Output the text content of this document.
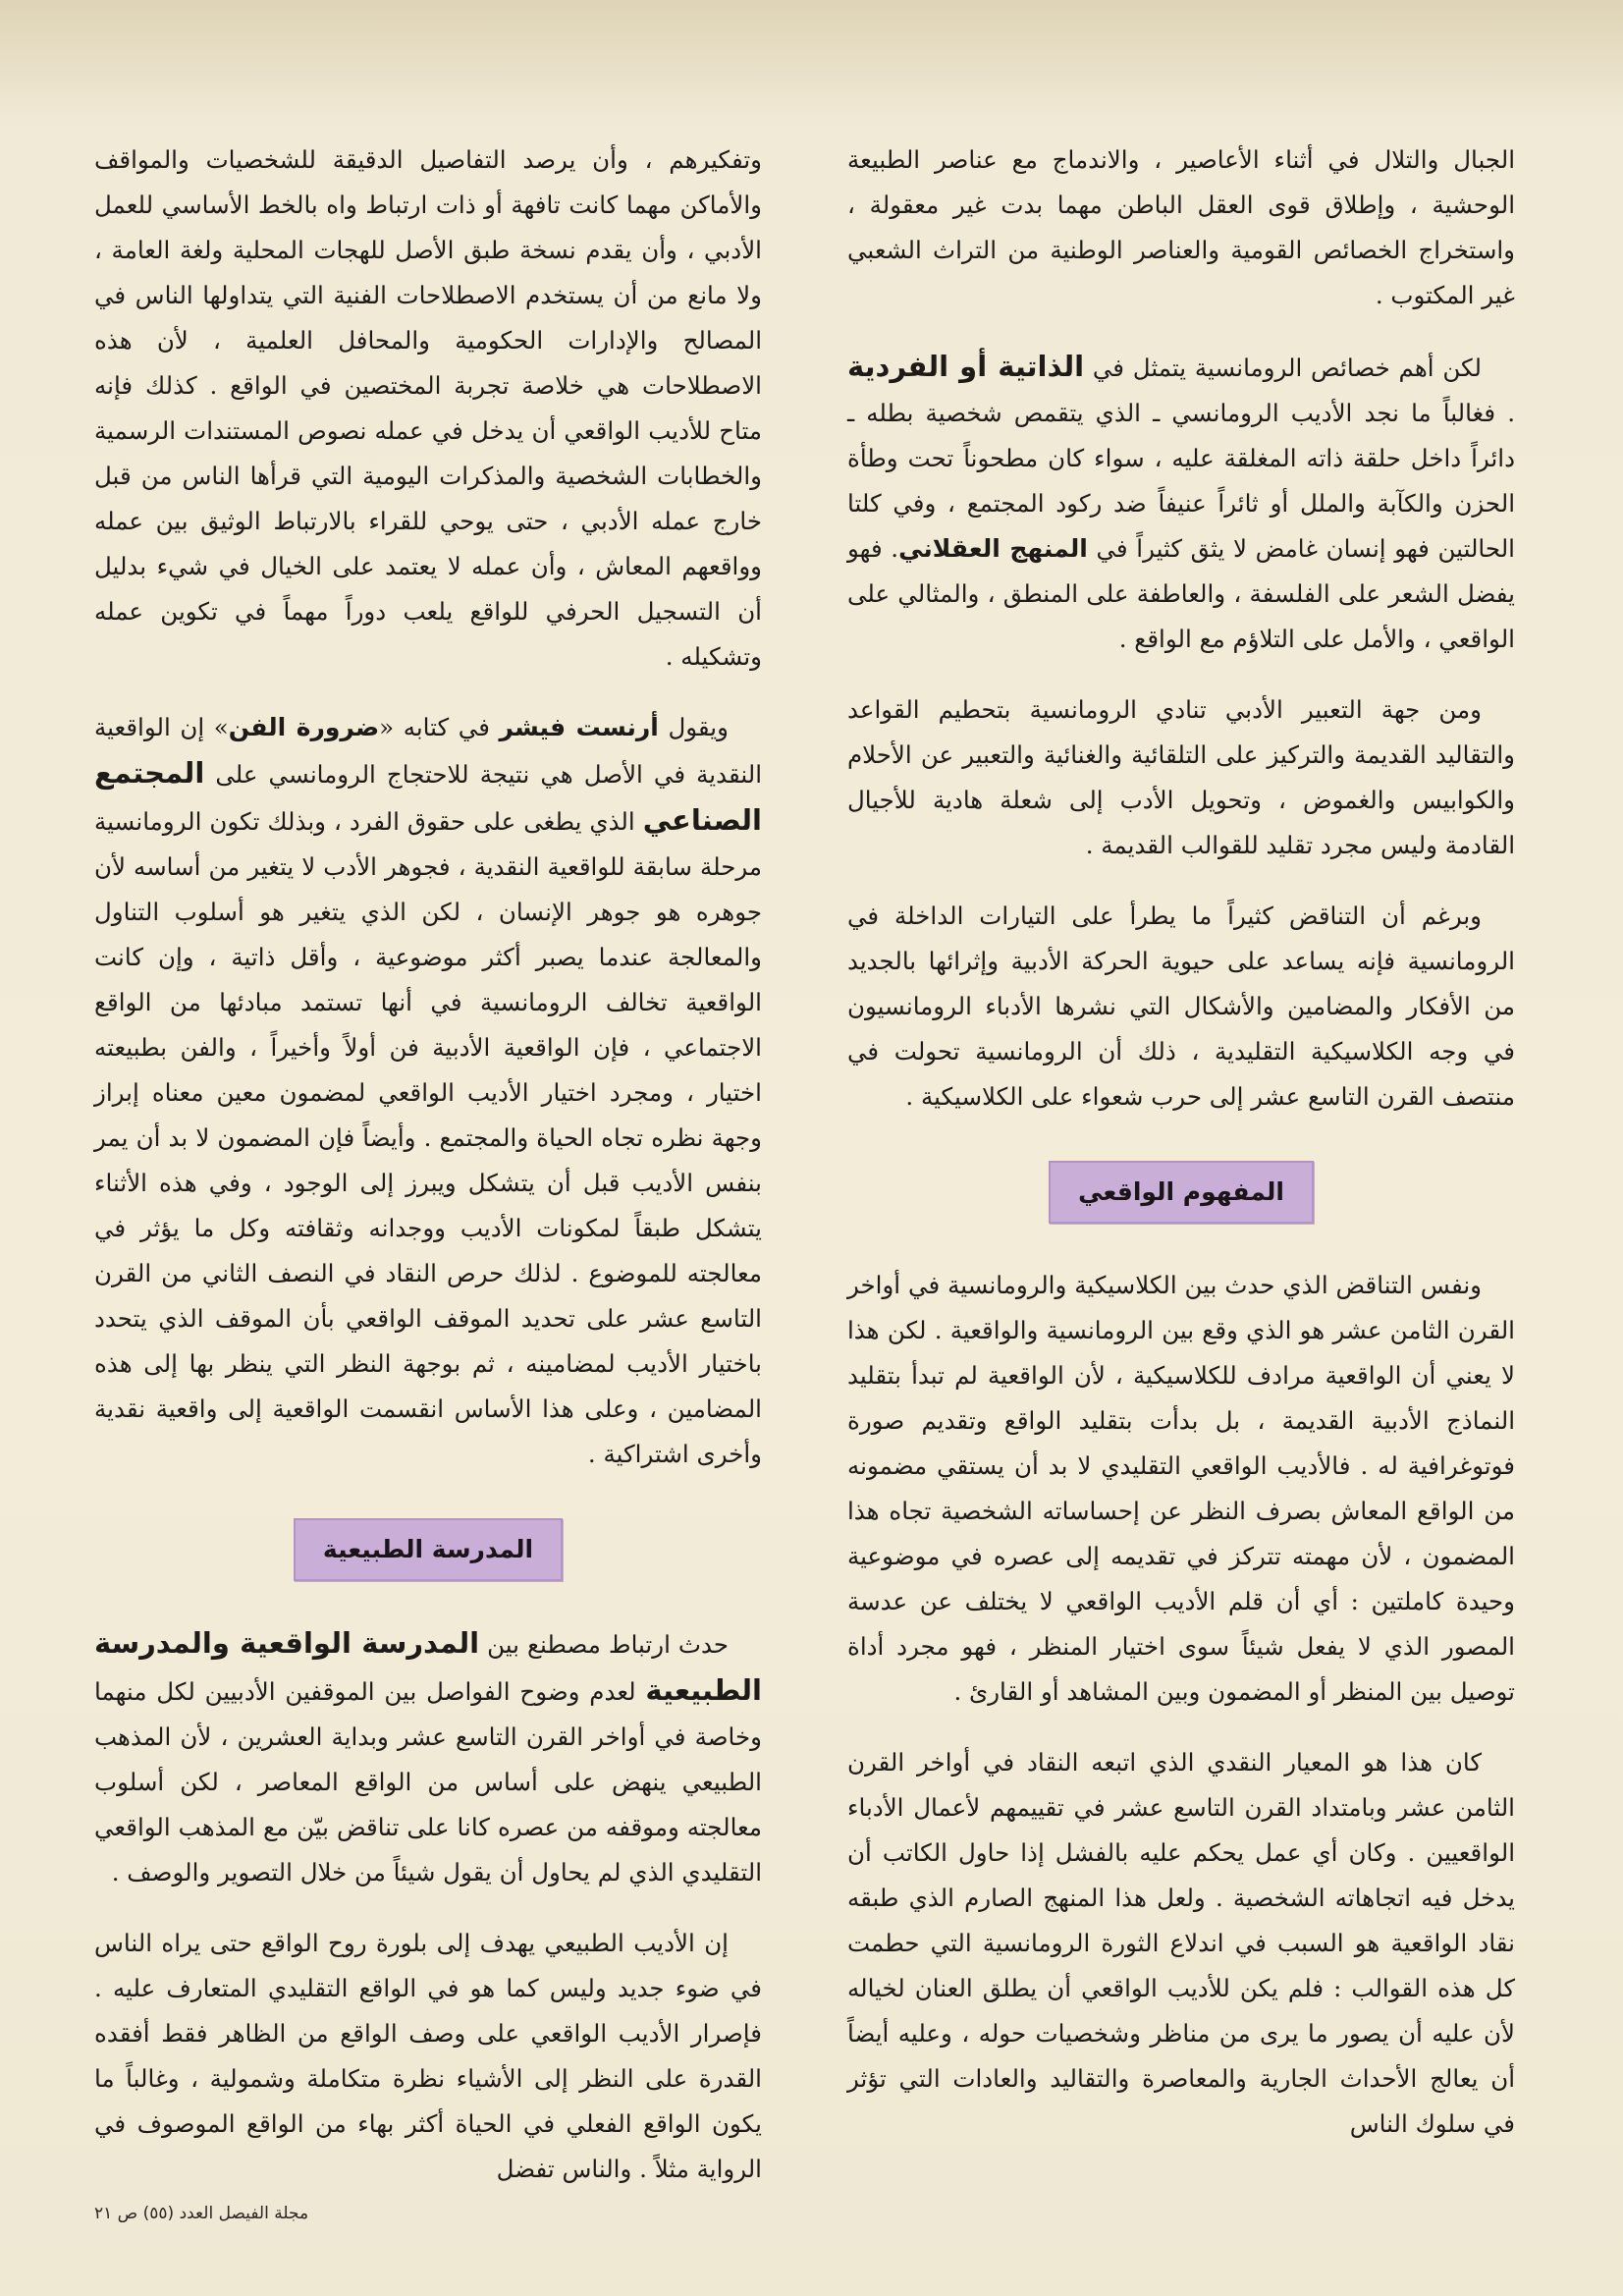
الجبال والتلال في أثناء الأعاصير ، والاندماج مع عناصر الطبيعة الوحشية ، وإطلاق قوى العقل الباطن مهما بدت غير معقولة ، واستخراج الخصائص القومية والعناصر الوطنية من التراث الشعبي غير المكتوب .

لكن أهم خصائص الرومانسية يتمثل في الذاتية أو الفردية . فغالباً ما نجد الأديب الرومانسي ـ الذي يتقمص شخصية بطله ـ دائراً داخل حلقة ذاته المغلقة عليه ، سواء كان مطحوناً تحت وطأة الحزن والكآبة والملل أو ثائراً عنيفاً ضد ركود المجتمع ، وفي كلتا الحالتين فهو إنسان غامض لا يثق كثيراً في المنهج العقلاني. فهو يفضل الشعر على الفلسفة ، والعاطفة على المنطق ، والمثالي على الواقعي ، والأمل على التلاؤم مع الواقع .

ومن جهة التعبير الأدبي تنادي الرومانسية بتحطيم القواعد والتقاليد القديمة والتركيز على التلقائية والغنائية والتعبير عن الأحلام والكوابيس والغموض ، وتحويل الأدب إلى شعلة هادية للأجيال القادمة وليس مجرد تقليد للقوالب القديمة .

وبرغم أن التناقض كثيراً ما يطرأ على التيارات الداخلة في الرومانسية فإنه يساعد على حيوية الحركة الأدبية وإثرائها بالجديد من الأفكار والمضامين والأشكال التي نشرها الأدباء الرومانسيون في وجه الكلاسيكية التقليدية ، ذلك أن الرومانسية تحولت في منتصف القرن التاسع عشر إلى حرب شعواء على الكلاسيكية .

المفهوم الواقعي

ونفس التناقض الذي حدث بين الكلاسيكية والرومانسية في أواخر القرن الثامن عشر هو الذي وقع بين الرومانسية والواقعية . لكن هذا لا يعني أن الواقعية مرادف للكلاسيكية ، لأن الواقعية لم تبدأ بتقليد النماذج الأدبية القديمة ، بل بدأت بتقليد الواقع وتقديم صورة فوتوغرافية له . فالأديب الواقعي التقليدي لا بد أن يستقي مضمونه من الواقع المعاش بصرف النظر عن إحساساته الشخصية تجاه هذا المضمون ، لأن مهمته تتركز في تقديمه إلى عصره في موضوعية وحيدة كاملتين : أي أن قلم الأديب الواقعي لا يختلف عن عدسة المصور الذي لا يفعل شيئاً سوى اختيار المنظر ، فهو مجرد أداة توصيل بين المنظر أو المضمون وبين المشاهد أو القارئ .

كان هذا هو المعيار النقدي الذي اتبعه النقاد في أواخر القرن الثامن عشر وبامتداد القرن التاسع عشر في تقييمهم لأعمال الأدباء الواقعيين . وكان أي عمل يحكم عليه بالفشل إذا حاول الكاتب أن يدخل فيه اتجاهاته الشخصية . ولعل هذا المنهج الصارم الذي طبقه نقاد الواقعية هو السبب في اندلاع الثورة الرومانسية التي حطمت كل هذه القوالب : فلم يكن للأديب الواقعي أن يطلق العنان لخياله لأن عليه أن يصور ما يرى من مناظر وشخصيات حوله ، وعليه أيضاً أن يعالج الأحداث الجارية والمعاصرة والتقاليد والعادات التي تؤثر في سلوك الناس

وتفكيرهم ، وأن يرصد التفاصيل الدقيقة للشخصيات والمواقف والأماكن مهما كانت تافهة أو ذات ارتباط واه بالخط الأساسي للعمل الأدبي ، وأن يقدم نسخة طبق الأصل للهجات المحلية ولغة العامة ، ولا مانع من أن يستخدم الاصطلاحات الفنية التي يتداولها الناس في المصالح والإدارات الحكومية والمحافل العلمية ، لأن هذه الاصطلاحات هي خلاصة تجربة المختصين في الواقع . كذلك فإنه متاح للأديب الواقعي أن يدخل في عمله نصوص المستندات الرسمية والخطابات الشخصية والمذكرات اليومية التي قرأها الناس من قبل خارج عمله الأدبي ، حتى يوحي للقراء بالارتباط الوثيق بين عمله وواقعهم المعاش ، وأن عمله لا يعتمد على الخيال في شيء بدليل أن التسجيل الحرفي للواقع يلعب دوراً مهماً في تكوين عمله وتشكيله .

ويقول أرنست فيشر في كتابه «ضرورة الفن» إن الواقعية النقدية في الأصل هي نتيجة للاحتجاج الرومانسي على المجتمع الصناعي الذي يطغى على حقوق الفرد ، وبذلك تكون الرومانسية مرحلة سابقة للواقعية النقدية ، فجوهر الأدب لا يتغير من أساسه لأن جوهره هو جوهر الإنسان ، لكن الذي يتغير هو أسلوب التناول والمعالجة عندما يصبر أكثر موضوعية ، وأقل ذاتية ، وإن كانت الواقعية تخالف الرومانسية في أنها تستمد مبادئها من الواقع الاجتماعي ، فإن الواقعية الأدبية فن أولاً وأخيراً ، والفن بطبيعته اختيار ، ومجرد اختيار الأديب الواقعي لمضمون معين معناه إبراز وجهة نظره تجاه الحياة والمجتمع . وأيضاً فإن المضمون لا بد أن يمر بنفس الأديب قبل أن يتشكل ويبرز إلى الوجود ، وفي هذه الأثناء يتشكل طبقاً لمكونات الأديب ووجدانه وثقافته وكل ما يؤثر في معالجته للموضوع . لذلك حرص النقاد في النصف الثاني من القرن التاسع عشر على تحديد الموقف الواقعي بأن الموقف الذي يتحدد باختيار الأديب لمضامينه ، ثم بوجهة النظر التي ينظر بها إلى هذه المضامين ، وعلى هذا الأساس انقسمت الواقعية إلى واقعية نقدية وأخرى اشتراكية .

المدرسة الطبيعية

حدث ارتباط مصطنع بين المدرسة الواقعية والمدرسة الطبيعية لعدم وضوح الفواصل بين الموقفين الأدبيين لكل منهما وخاصة في أواخر القرن التاسع عشر وبداية العشرين ، لأن المذهب الطبيعي ينهض على أساس من الواقع المعاصر ، لكن أسلوب معالجته وموقفه من عصره كانا على تناقض بيّن مع المذهب الواقعي التقليدي الذي لم يحاول أن يقول شيئاً من خلال التصوير والوصف .

إن الأديب الطبيعي يهدف إلى بلورة روح الواقع حتى يراه الناس في ضوء جديد وليس كما هو في الواقع التقليدي المتعارف عليه . فإصرار الأديب الواقعي على وصف الواقع من الظاهر فقط أفقده القدرة على النظر إلى الأشياء نظرة متكاملة وشمولية ، وغالباً ما يكون الواقع الفعلي في الحياة أكثر بهاء من الواقع الموصوف في الرواية مثلاً . والناس تفضل

مجلة الفيصل العدد (٥٥) ص ٢١
